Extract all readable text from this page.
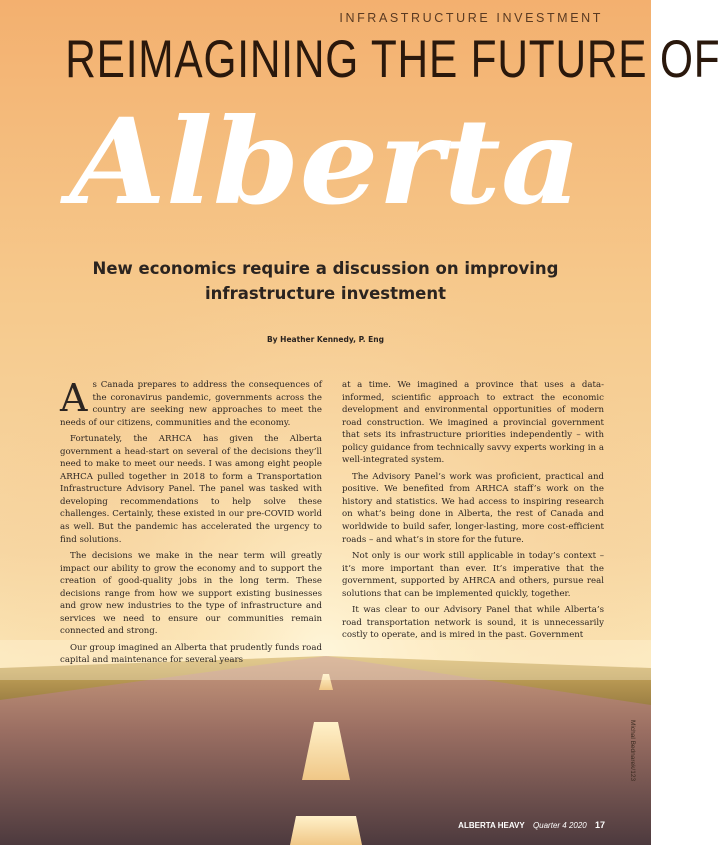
INFRASTRUCTURE INVESTMENT
REIMAGINING THE FUTURE OF
Alberta
New economics require a discussion on improving infrastructure investment
By Heather Kennedy, P. Eng

As Canada prepares to address the consequences of the coronavirus pandemic, governments across the country are seeking new approaches to meet the needs of our citizens, communities and the economy.

Fortunately, the ARHCA has given the Alberta government a head-start on several of the decisions they’ll need to make to meet our needs. I was among eight people ARHCA pulled together in 2018 to form a Transportation Infrastructure Advisory Panel. The panel was tasked with developing recommendations to help solve these challenges. Certainly, these existed in our pre-COVID world as well. But the pandemic has accelerated the urgency to find solutions.

The decisions we make in the near term will greatly impact our ability to grow the economy and to support the creation of good-quality jobs in the long term. These decisions range from how we support existing businesses and grow new industries to the type of infrastructure and services we need to ensure our communities remain connected and strong.

Our group imagined an Alberta that prudently funds road capital and maintenance for several years

at a time. We imagined a province that uses a data-informed, scientific approach to extract the economic development and environmental opportunities of modern road construction. We imagined a provincial government that sets its infrastructure priorities independently – with policy guidance from technically savvy experts working in a well-integrated system.

The Advisory Panel’s work was proficient, practical and positive. We benefited from ARHCA staff’s work on the history and statistics. We had access to inspiring research on what’s being done in Alberta, the rest of Canada and worldwide to build safer, longer-lasting, more cost-efficient roads – and what’s in store for the future.

Not only is our work still applicable in today’s context – it’s more important than ever. It’s imperative that the government, supported by AHRCA and others, pursue real solutions that can be implemented quickly, together.

It was clear to our Advisory Panel that while Alberta’s road transportation network is sound, it is unnecessarily costly to operate, and is mired in the past. Government

Michal Bednarek/123
ALBERTA HEAVY Quarter 4 2020 17
